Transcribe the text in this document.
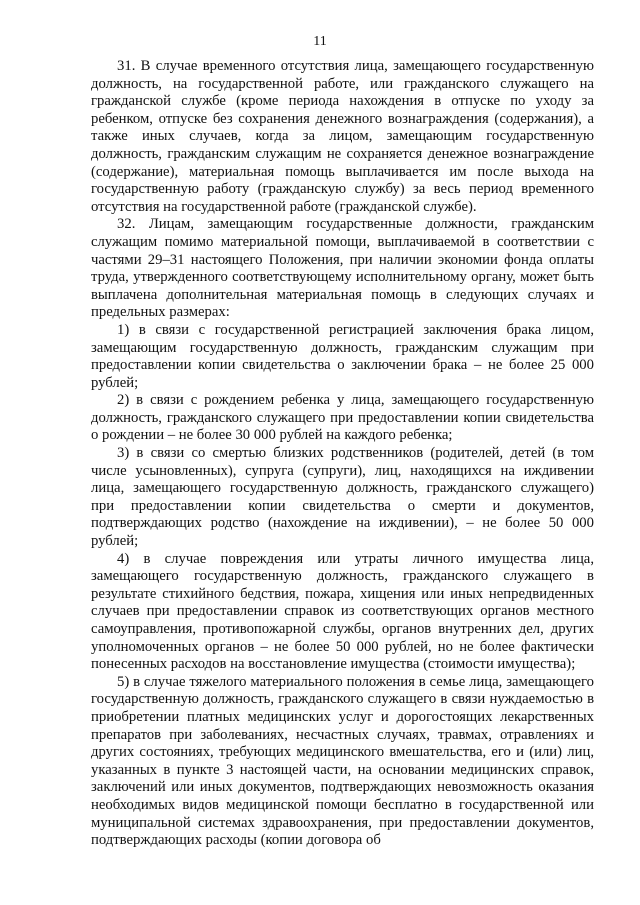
11

31. В случае временного отсутствия лица, замещающего государственную должность, на государственной работе, или гражданского служащего на гражданской службе (кроме периода нахождения в отпуске по уходу за ребенком, отпуске без сохранения денежного вознаграждения (содержания), а также иных случаев, когда за лицом, замещающим государственную должность, гражданским служащим не сохраняется денежное вознаграждение (содержание), материальная помощь выплачивается им после выхода на государственную работу (гражданскую службу) за весь период временного отсутствия на государственной работе (гражданской службе).

32. Лицам, замещающим государственные должности, гражданским служащим помимо материальной помощи, выплачиваемой в соответствии с частями 29–31 настоящего Положения, при наличии экономии фонда оплаты труда, утвержденного соответствующему исполнительному органу, может быть выплачена дополнительная материальная помощь в следующих случаях и предельных размерах:

1) в связи с государственной регистрацией заключения брака лицом, замещающим государственную должность, гражданским служащим при предоставлении копии свидетельства о заключении брака – не более 25 000 рублей;

2) в связи с рождением ребенка у лица, замещающего государственную должность, гражданского служащего при предоставлении копии свидетельства о рождении – не более 30 000 рублей на каждого ребенка;

3) в связи со смертью близких родственников (родителей, детей (в том числе усыновленных), супруга (супруги), лиц, находящихся на иждивении лица, замещающего государственную должность, гражданского служащего) при предоставлении копии свидетельства о смерти и документов, подтверждающих родство (нахождение на иждивении), – не более 50 000 рублей;

4) в случае повреждения или утраты личного имущества лица, замещающего государственную должность, гражданского служащего в результате стихийного бедствия, пожара, хищения или иных непредвиденных случаев при предоставлении справок из соответствующих органов местного самоуправления, противопожарной службы, органов внутренних дел, других уполномоченных органов – не более 50 000 рублей, но не более фактически понесенных расходов на восстановление имущества (стоимости имущества);

5) в случае тяжелого материального положения в семье лица, замещающего государственную должность, гражданского служащего в связи нуждаемостью в приобретении платных медицинских услуг и дорогостоящих лекарственных препаратов при заболеваниях, несчастных случаях, травмах, отравлениях и других состояниях, требующих медицинского вмешательства, его и (или) лиц, указанных в пункте 3 настоящей части, на основании медицинских справок, заключений или иных документов, подтверждающих невозможность оказания необходимых видов медицинской помощи бесплатно в государственной или муниципальной системах здравоохранения, при предоставлении документов, подтверждающих расходы (копии договора об
